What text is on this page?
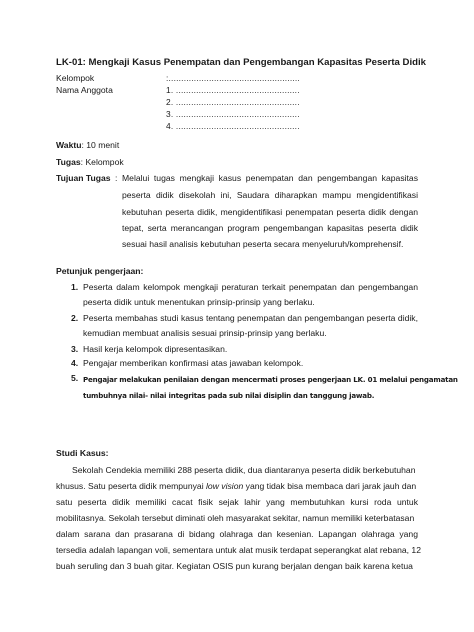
LK-01: Mengkaji Kasus Penempatan dan Pengembangan Kapasitas Peserta Didik
Kelompok
Nama Anggota
:....................................................
1. .................................................
2. .................................................
3. .................................................
4. .................................................
Waktu: 10 menit
Tugas: Kelompok
Tujuan Tugas : Melalui tugas mengkaji kasus penempatan dan pengembangan kapasitas
peserta didik disekolah ini, Saudara diharapkan mampu mengidentifikasi
kebutuhan peserta didik, mengidentifikasi penempatan peserta didik dengan
tepat, serta merancangan program pengembangan kapasitas peserta didik
sesuai hasil analisis kebutuhan peserta secara menyeluruh/komprehensif.
Petunjuk pengerjaan:
1. Peserta dalam kelompok mengkaji peraturan terkait penempatan dan pengembangan
peserta didik untuk menentukan prinsip-prinsip yang berlaku.
2. Peserta membahas studi kasus tentang penempatan dan pengembangan peserta didik,
kemudian membuat analisis sesuai prinsip-prinsip yang berlaku.
3. Hasil kerja kelompok dipresentasikan.
4. Pengajar memberikan konfirmasi atas jawaban kelompok.
5. Pengajar melakukan penilaian dengan mencermati proses pengerjaan LK. 01 melalui pengamatan
tumbuhnya nilai- nilai integritas pada sub nilai disiplin dan tanggung jawab.
Studi Kasus:
Sekolah Cendekia memiliki 288 peserta didik, dua diantaranya peserta didik berkebutuhan
khusus. Satu peserta didik mempunyai low vision yang tidak bisa membaca dari jarak jauh dan
satu peserta didik memiliki cacat fisik sejak lahir yang membutuhkan kursi roda untuk
mobilitasnya. Sekolah tersebut diminati oleh masyarakat sekitar, namun memiliki keterbatasan
dalam sarana dan prasarana di bidang olahraga dan kesenian. Lapangan olahraga yang
tersedia adalah lapangan voli, sementara untuk alat musik terdapat seperangkat alat rebana, 12
buah seruling dan 3 buah gitar. Kegiatan OSIS pun kurang berjalan dengan baik karena ketua
